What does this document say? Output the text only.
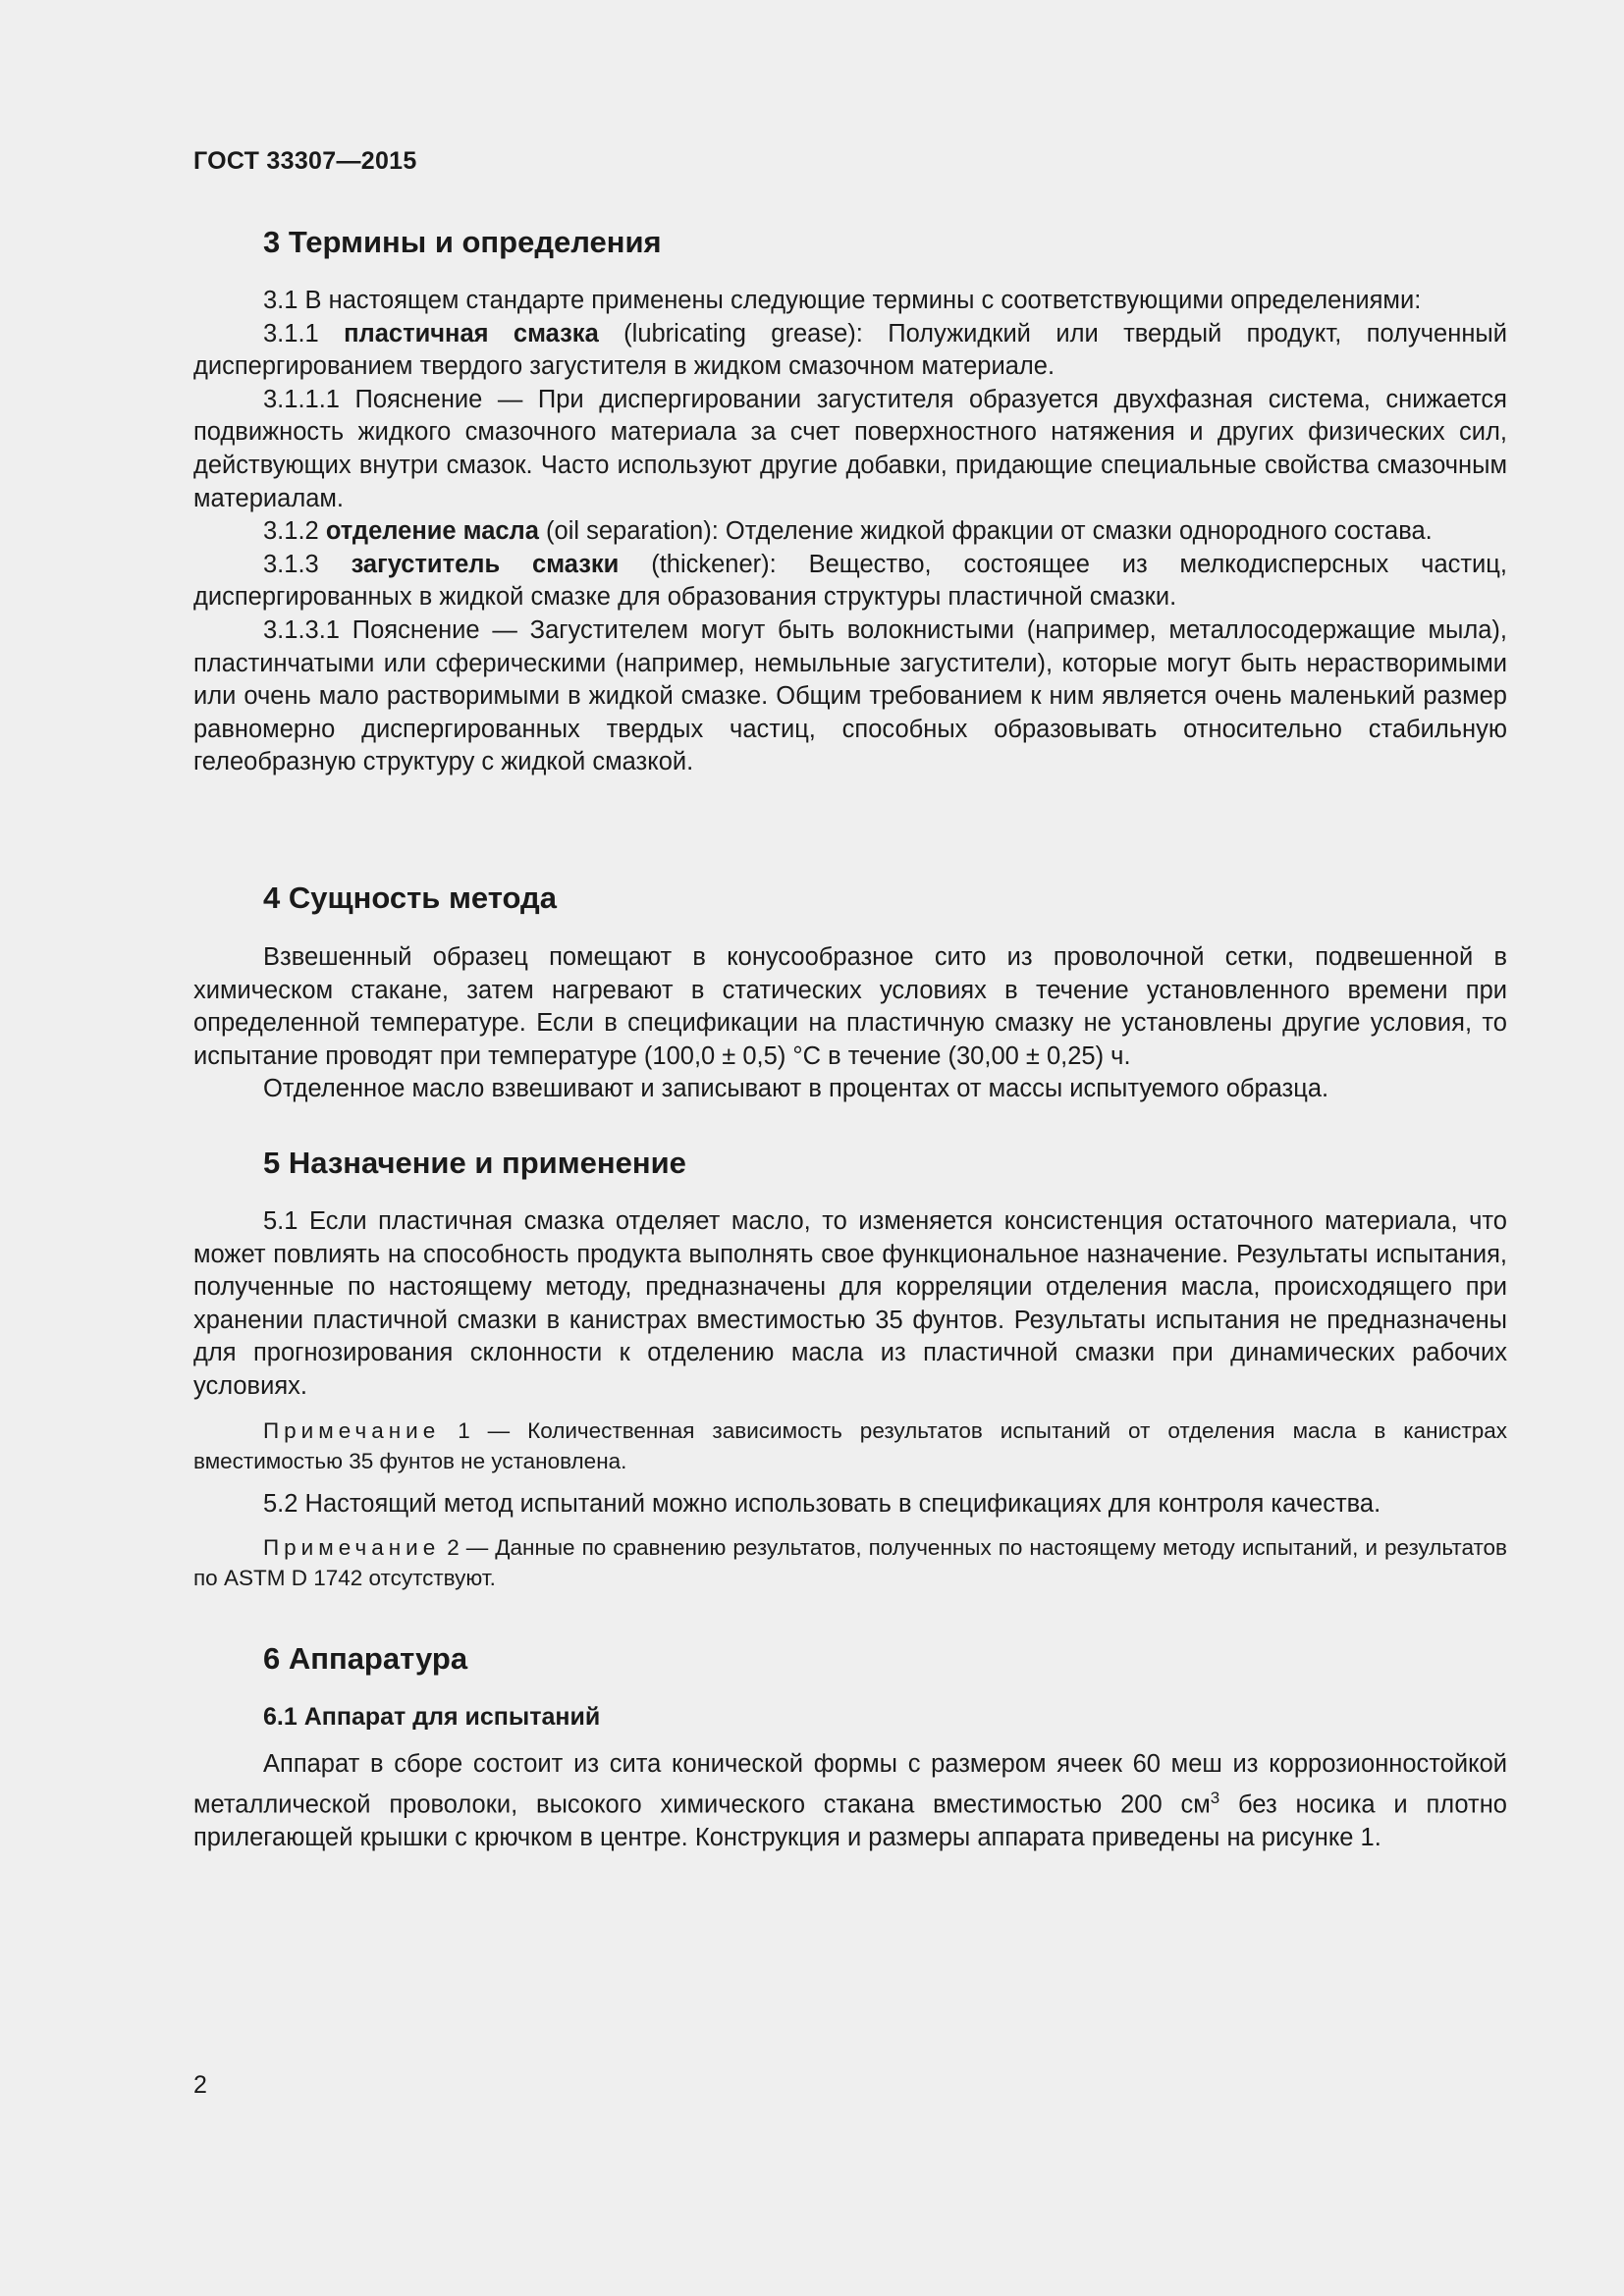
ГОСТ 33307—2015
3 Термины и определения

3.1 В настоящем стандарте применены следующие термины с соответствующими определениями:

3.1.1 пластичная смазка (lubricating grease): Полужидкий или твердый продукт, полученный диспергированием твердого загустителя в жидком смазочном материале.

3.1.1.1 Пояснение — При диспергировании загустителя образуется двухфазная система, снижается подвижность жидкого смазочного материала за счет поверхностного натяжения и других физических сил, действующих внутри смазок. Часто используют другие добавки, придающие специальные свойства смазочным материалам.

3.1.2 отделение масла (oil separation): Отделение жидкой фракции от смазки однородного состава.

3.1.3 загуститель смазки (thickener): Вещество, состоящее из мелкодисперсных частиц, диспергированных в жидкой смазке для образования структуры пластичной смазки.

3.1.3.1 Пояснение — Загустителем могут быть волокнистыми (например, металлосодержащие мыла), пластинчатыми или сферическими (например, немыльные загустители), которые могут быть нерастворимыми или очень мало растворимыми в жидкой смазке. Общим требованием к ним является очень маленький размер равномерно диспергированных твердых частиц, способных образовывать относительно стабильную гелеобразную структуру с жидкой смазкой.

4 Сущность метода

Взвешенный образец помещают в конусообразное сито из проволочной сетки, подвешенной в химическом стакане, затем нагревают в статических условиях в течение установленного времени при определенной температуре. Если в спецификации на пластичную смазку не установлены другие условия, то испытание проводят при температуре (100,0 ± 0,5) °С в течение (30,00 ± 0,25) ч.

Отделенное масло взвешивают и записывают в процентах от массы испытуемого образца.

5 Назначение и применение

5.1 Если пластичная смазка отделяет масло, то изменяется консистенция остаточного материала, что может повлиять на способность продукта выполнять свое функциональное назначение. Результаты испытания, полученные по настоящему методу, предназначены для корреляции отделения масла, происходящего при хранении пластичной смазки в канистрах вместимостью 35 фунтов. Результаты испытания не предназначены для прогнозирования склонности к отделению масла из пластичной смазки при динамических рабочих условиях.

Примечание 1 — Количественная зависимость результатов испытаний от отделения масла в канистрах вместимостью 35 фунтов не установлена.

5.2 Настоящий метод испытаний можно использовать в спецификациях для контроля качества.

Примечание 2 — Данные по сравнению результатов, полученных по настоящему методу испытаний, и результатов по ASTM D 1742 отсутствуют.

6 Аппаратура
6.1 Аппарат для испытаний

Аппарат в сборе состоит из сита конической формы с размером ячеек 60 меш из коррозионностойкой металлической проволоки, высокого химического стакана вместимостью 200 $см^3$ без носика и плотно прилегающей крышки с крючком в центре. Конструкция и размеры аппарата приведены на рисунке 1.

2
